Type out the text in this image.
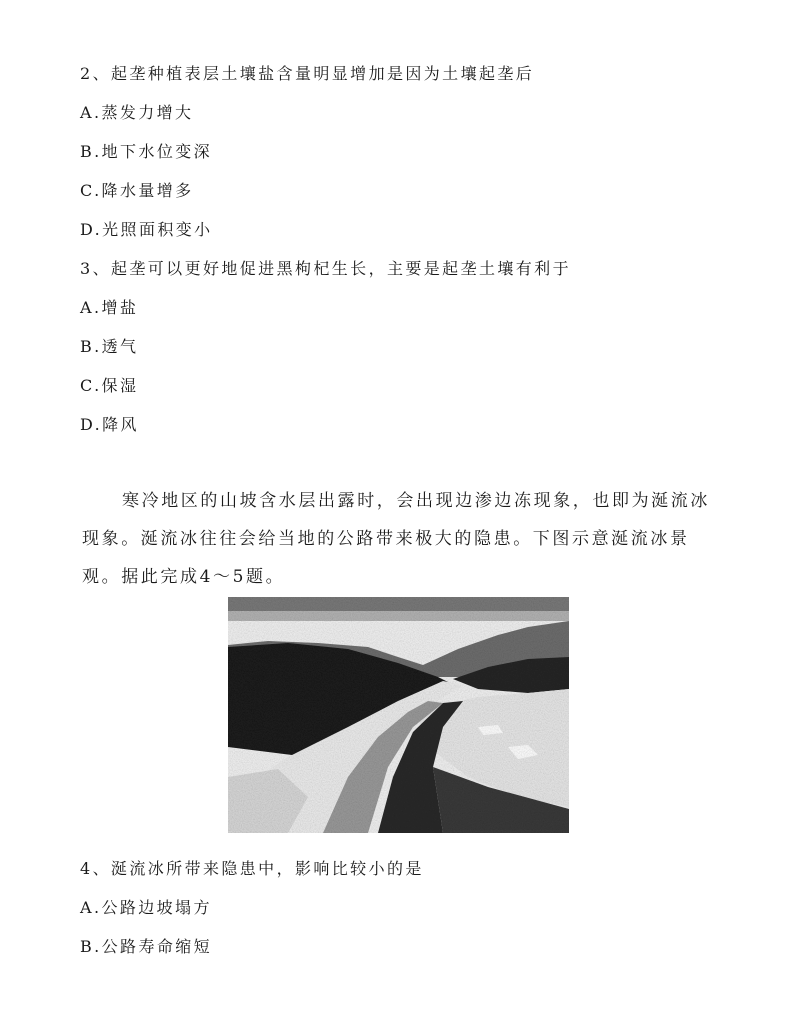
2、起垄种植表层土壤盐含量明显增加是因为土壤起垄后
A.蒸发力增大
B.地下水位变深
C.降水量增多
D.光照面积变小
3、起垄可以更好地促进黑枸杞生长，主要是起垄土壤有利于
A.增盐
B.透气
C.保湿
D.降风
寒冷地区的山坡含水层出露时，会出现边渗边冻现象，也即为涎流冰现象。涎流冰往往会给当地的公路带来极大的隐患。下图示意涎流冰景观。据此完成4～5题。
4、涎流冰所带来隐患中，影响比较小的是
A.公路边坡塌方
B.公路寿命缩短
